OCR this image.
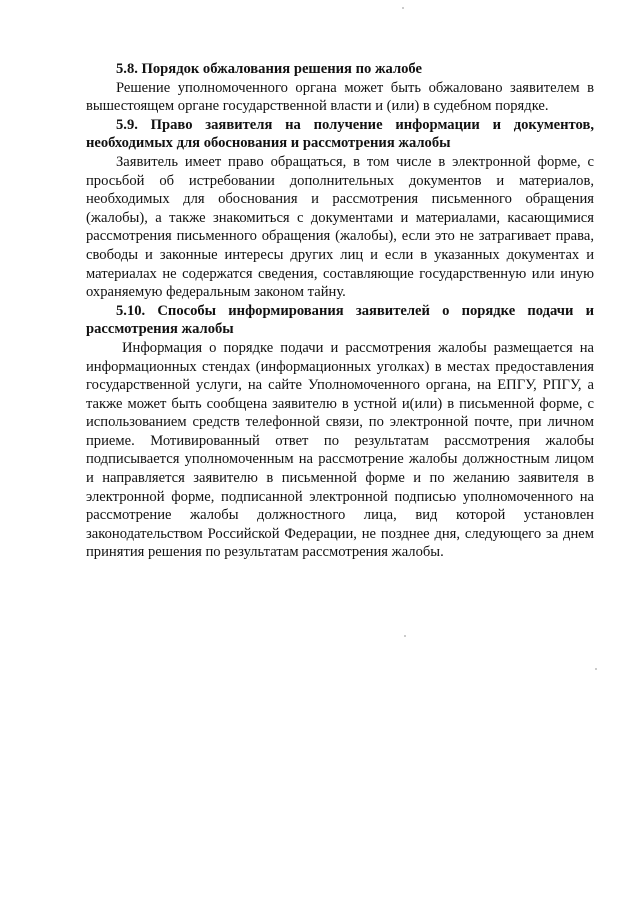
5.8. Порядок обжалования решения по жалобе

Решение уполномоченного органа может быть обжаловано заявителем в вышестоящем органе государственной власти и (или) в судебном порядке.

5.9. Право заявителя на получение информации и документов, необходимых для обоснования и рассмотрения жалобы

Заявитель имеет право обращаться, в том числе в электронной форме, с просьбой об истребовании дополнительных документов и материалов, необходимых для обоснования и рассмотрения письменного обращения (жалобы), а также знакомиться с документами и материалами, касающимися рассмотрения письменного обращения (жалобы), если это не затрагивает права, свободы и законные интересы других лиц и если в указанных документах и материалах не содержатся сведения, составляющие государственную или иную охраняемую федеральным законом тайну.

5.10. Способы информирования заявителей о порядке подачи и рассмотрения жалобы

Информация о порядке подачи и рассмотрения жалобы размещается на информационных стендах (информационных уголках) в местах предоставления государственной услуги, на сайте Уполномоченного органа, на ЕПГУ, РПГУ, а также может быть сообщена заявителю в устной и(или) в письменной форме, с использованием средств телефонной связи, по электронной почте, при личном приеме. Мотивированный ответ по результатам рассмотрения жалобы подписывается уполномоченным на рассмотрение жалобы должностным лицом и направляется заявителю в письменной форме и по желанию заявителя в электронной форме, подписанной электронной подписью уполномоченного на рассмотрение жалобы должностного лица, вид которой установлен законодательством Российской Федерации, не позднее дня, следующего за днем принятия решения по результатам рассмотрения жалобы.
